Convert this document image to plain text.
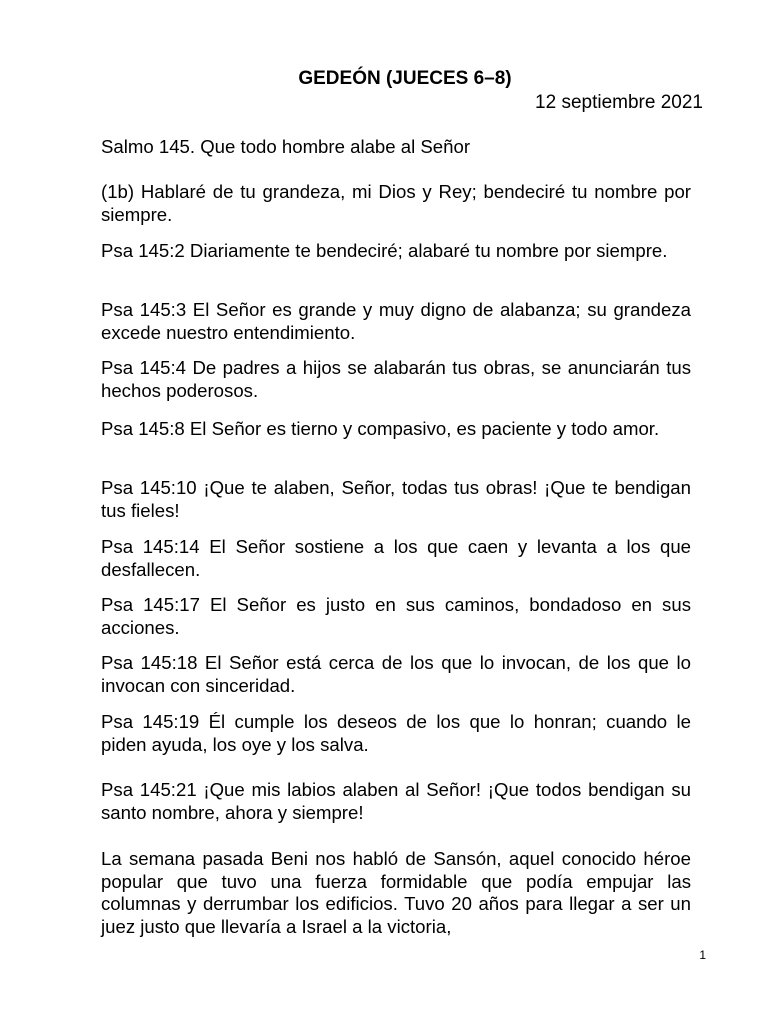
GEDEÓN (JUECES 6–8)

12 septiembre 2021

Salmo 145. Que todo hombre alabe al Señor

(1b) Hablaré de tu grandeza, mi Dios y Rey; bendeciré tu nombre por siempre.

Psa 145:2 Diariamente te bendeciré; alabaré tu nombre por siempre.

Psa 145:3 El Señor es grande y muy digno de alabanza; su grandeza excede nuestro entendimiento.

Psa 145:4 De padres a hijos se alabarán tus obras, se anunciarán tus hechos poderosos.

Psa 145:8 El Señor es tierno y compasivo, es paciente y todo amor.

Psa 145:10 ¡Que te alaben, Señor, todas tus obras! ¡Que te bendigan tus fieles!

Psa 145:14 El Señor sostiene a los que caen y levanta a los que desfallecen.

Psa 145:17 El Señor es justo en sus caminos, bondadoso en sus acciones.

Psa 145:18 El Señor está cerca de los que lo invocan, de los que lo invocan con sinceridad.

Psa 145:19 Él cumple los deseos de los que lo honran; cuando le piden ayuda, los oye y los salva.

Psa 145:21 ¡Que mis labios alaben al Señor! ¡Que todos bendigan su santo nombre, ahora y siempre!

La semana pasada Beni nos habló de Sansón, aquel conocido héroe popular que tuvo una fuerza formidable que podía empujar las columnas y derrumbar los edificios. Tuvo 20 años para llegar a ser un juez justo que llevaría a Israel a la victoria,

1
